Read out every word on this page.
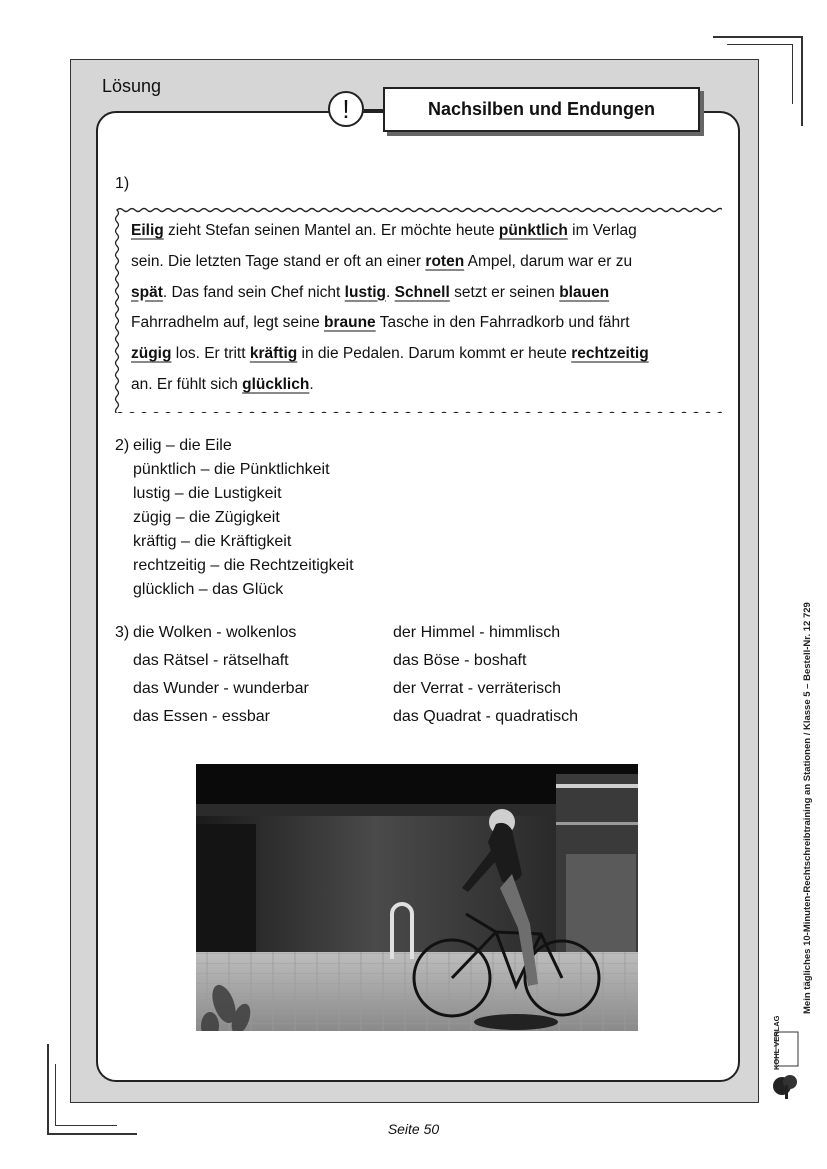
Lösung
!	Nachsilben und Endungen
1)
Eilig zieht Stefan seinen Mantel an. Er möchte heute pünktlich im Verlag
sein. Die letzten Tage stand er oft an einer roten Ampel, darum war er zu
spät. Das fand sein Chef nicht lustig. Schnell setzt er seinen blauen
Fahrradhelm auf, legt seine braune Tasche in den Fahrradkorb und fährt
zügig los. Er tritt kräftig in die Pedalen. Darum kommt er heute rechtzeitig
an. Er fühlt sich glücklich.
2) eilig – die Eile
pünktlich – die Pünktlichkeit
lustig – die Lustigkeit
zügig – die Zügigkeit
kräftig – die Kräftigkeit
rechtzeitig – die Rechtzeitigkeit
glücklich – das Glück
3) die Wolken - wolkenlos
das Rätsel - rätselhaft
das Wunder - wunderbar
das Essen - essbar
der Himmel - himmlisch
das Böse - boshaft
der Verrat - verräterisch
das Quadrat - quadratisch	Mein tägliches 10-Minuten-Rechtschreibtraining an Stationen / Klasse 5 – Bestell-Nr. 12 729
KOHL VERLAG
Seite 50
